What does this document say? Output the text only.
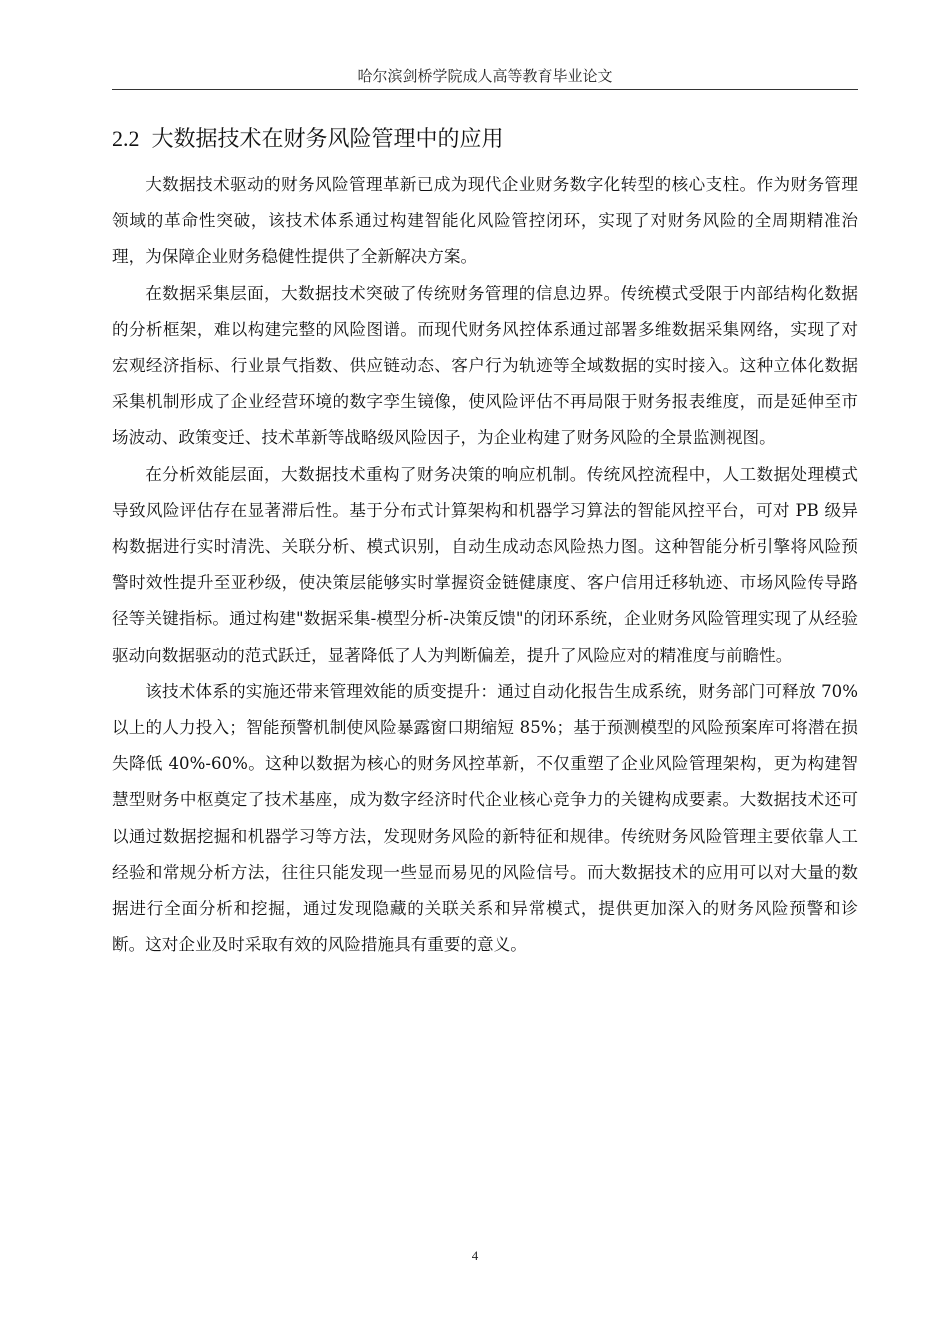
哈尔滨剑桥学院成人高等教育毕业论文
2.2 大数据技术在财务风险管理中的应用

大数据技术驱动的财务风险管理革新已成为现代企业财务数字化转型的核心支柱。作为财务管理领域的革命性突破，该技术体系通过构建智能化风险管控闭环，实现了对财务风险的全周期精准治理，为保障企业财务稳健性提供了全新解决方案。

在数据采集层面，大数据技术突破了传统财务管理的信息边界。传统模式受限于内部结构化数据的分析框架，难以构建完整的风险图谱。而现代财务风控体系通过部署多维数据采集网络，实现了对宏观经济指标、行业景气指数、供应链动态、客户行为轨迹等全域数据的实时接入。这种立体化数据采集机制形成了企业经营环境的数字孪生镜像，使风险评估不再局限于财务报表维度，而是延伸至市场波动、政策变迁、技术革新等战略级风险因子，为企业构建了财务风险的全景监测视图。

在分析效能层面，大数据技术重构了财务决策的响应机制。传统风控流程中，人工数据处理模式导致风险评估存在显著滞后性。基于分布式计算架构和机器学习算法的智能风控平台，可对 PB 级异构数据进行实时清洗、关联分析、模式识别，自动生成动态风险热力图。这种智能分析引擎将风险预警时效性提升至亚秒级，使决策层能够实时掌握资金链健康度、客户信用迁移轨迹、市场风险传导路径等关键指标。通过构建"数据采集-模型分析-决策反馈"的闭环系统，企业财务风险管理实现了从经验驱动向数据驱动的范式跃迁，显著降低了人为判断偏差，提升了风险应对的精准度与前瞻性。

该技术体系的实施还带来管理效能的质变提升：通过自动化报告生成系统，财务部门可释放 70%以上的人力投入；智能预警机制使风险暴露窗口期缩短 85%；基于预测模型的风险预案库可将潜在损失降低 40%-60%。这种以数据为核心的财务风控革新，不仅重塑了企业风险管理架构，更为构建智慧型财务中枢奠定了技术基座，成为数字经济时代企业核心竞争力的关键构成要素。大数据技术还可以通过数据挖掘和机器学习等方法，发现财务风险的新特征和规律。传统财务风险管理主要依靠人工经验和常规分析方法，往往只能发现一些显而易见的风险信号。而大数据技术的应用可以对大量的数据进行全面分析和挖掘，通过发现隐藏的关联关系和异常模式，提供更加深入的财务风险预警和诊断。这对企业及时采取有效的风险措施具有重要的意义。

4
